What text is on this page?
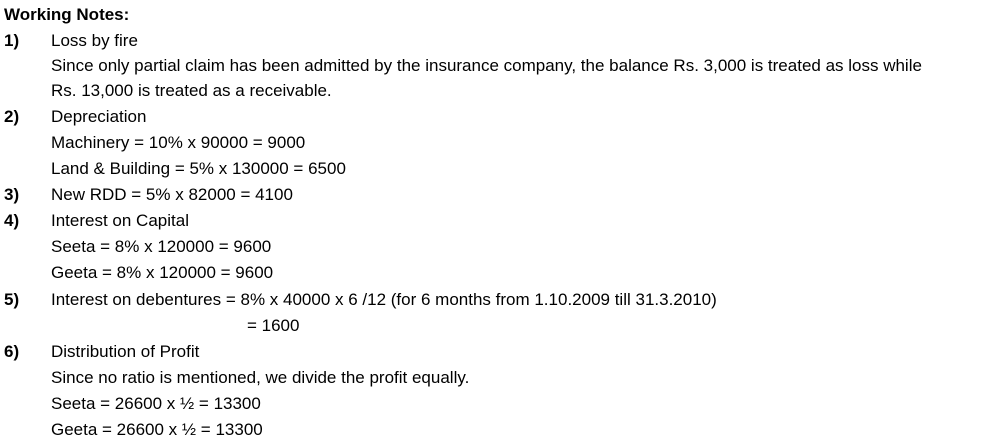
Working Notes:
1) Loss by fire
Since only partial claim has been admitted by the insurance company, the balance Rs. 3,000 is treated as loss while
Rs. 13,000 is treated as a receivable.
2) Depreciation
Machinery = 10% x 90000 = 9000
Land & Building = 5% x 130000 = 6500
3) New RDD = 5% x 82000 = 4100
4) Interest on Capital
Seeta = 8% x 120000 = 9600
Geeta = 8% x 120000 = 9600
5) Interest on debentures = 8% x 40000 x 6 /12 (for 6 months from 1.10.2009 till 31.3.2010)
= 1600
6) Distribution of Profit
Since no ratio is mentioned, we divide the profit equally.
Seeta = 26600 x ½ = 13300
Geeta = 26600 x ½ = 13300
